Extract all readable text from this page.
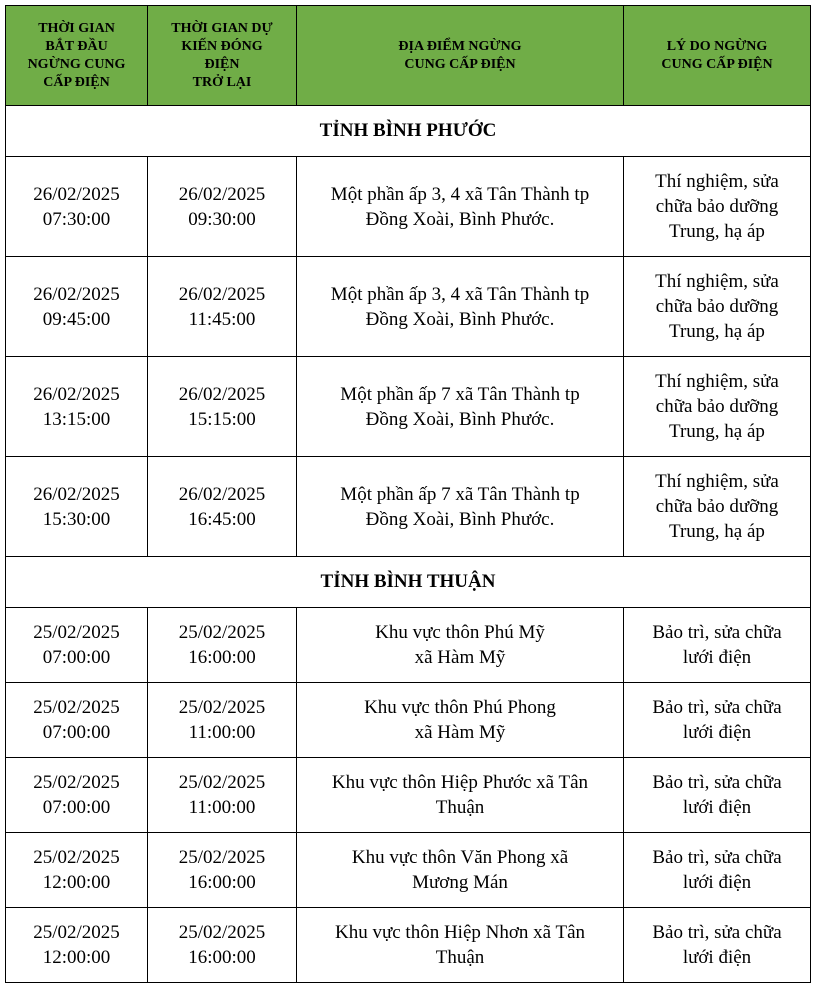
THỜI GIAN
BẮT ĐẦU
NGỪNG CUNG
CẤP ĐIỆN	THỜI GIAN DỰ
KIẾN ĐÓNG
ĐIỆN
TRỞ LẠI	ĐỊA ĐIỂM NGỪNG
CUNG CẤP ĐIỆN	LÝ DO NGỪNG
CUNG CẤP ĐIỆN

TỈNH BÌNH PHƯỚC			

26/02/2025
07:30:00	26/02/2025
09:30:00	Một phần ấp 3, 4 xã Tân Thành tp
Đồng Xoài, Bình Phước.	Thí nghiệm, sửa
chữa bảo dưỡng
Trung, hạ áp

26/02/2025
09:45:00	26/02/2025
11:45:00	Một phần ấp 3, 4 xã Tân Thành tp
Đồng Xoài, Bình Phước.	Thí nghiệm, sửa
chữa bảo dưỡng
Trung, hạ áp

26/02/2025
13:15:00	26/02/2025
15:15:00	Một phần ấp 7 xã Tân Thành tp
Đồng Xoài, Bình Phước.	Thí nghiệm, sửa
chữa bảo dưỡng
Trung, hạ áp

26/02/2025
15:30:00	26/02/2025
16:45:00	Một phần ấp 7 xã Tân Thành tp
Đồng Xoài, Bình Phước.	Thí nghiệm, sửa
chữa bảo dưỡng
Trung, hạ áp

TỈNH BÌNH THUẬN			

25/02/2025
07:00:00	25/02/2025
16:00:00	Khu vực thôn Phú Mỹ
xã Hàm Mỹ	Bảo trì, sửa chữa
lưới điện

25/02/2025
07:00:00	25/02/2025
11:00:00	Khu vực thôn Phú Phong
xã Hàm Mỹ	Bảo trì, sửa chữa
lưới điện

25/02/2025
07:00:00	25/02/2025
11:00:00	Khu vực thôn Hiệp Phước xã Tân
Thuận	Bảo trì, sửa chữa
lưới điện

25/02/2025
12:00:00	25/02/2025
16:00:00	Khu vực thôn Văn Phong xã
Mương Mán	Bảo trì, sửa chữa
lưới điện

25/02/2025
12:00:00	25/02/2025
16:00:00	Khu vực thôn Hiệp Nhơn xã Tân
Thuận	Bảo trì, sửa chữa
lưới điện
